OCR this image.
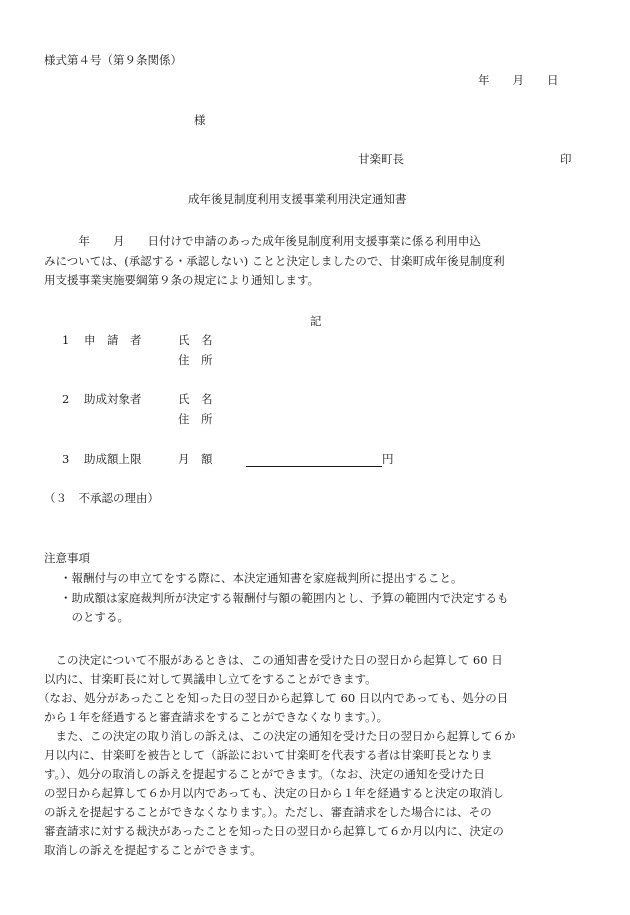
様式第４号（第９条関係）
年　　月　　日
様
甘楽町長	印
成年後見制度利用支援事業利用決定通知書
　　　年　　月　　日付けで申請のあった成年後見制度利用支援事業に係る利用申込
みについては、(承認する・承認しない) ことと決定しましたので、甘楽町成年後見制度利
用支援事業実施要綱第９条の規定により通知します。
記
1	申　請　者	氏　名
住　所
2	助成対象者	氏　名
住　所
3	助成額上限	月　額	円
（３　不承認の理由）
注意事項
・報酬付与の申立てをする際に、本決定通知書を家庭裁判所に提出すること。
・助成額は家庭裁判所が決定する報酬付与額の範囲内とし、予算の範囲内で決定するも
　のとする。
　この決定について不服があるときは、この通知書を受けた日の翌日から起算して 60 日
以内に、甘楽町長に対して異議申し立てをすることができます。
（なお、処分があったことを知った日の翌日から起算して 60 日以内であっても、処分の日
から１年を経過すると審査請求をすることができなくなります。）。
　また、この決定の取り消しの訴えは、この決定の通知を受けた日の翌日から起算して６か
月以内に、甘楽町を被告として（訴訟において甘楽町を代表する者は甘楽町長となりま
す。）、処分の取消しの訴えを提起することができます。（なお、決定の通知を受けた日
の翌日から起算して６か月以内であっても、決定の日から１年を経過すると決定の取消し
の訴えを提起することができなくなります。）。ただし、審査請求をした場合には、その
審査請求に対する裁決があったことを知った日の翌日から起算して６か月以内に、決定の
取消しの訴えを提起することができます。
